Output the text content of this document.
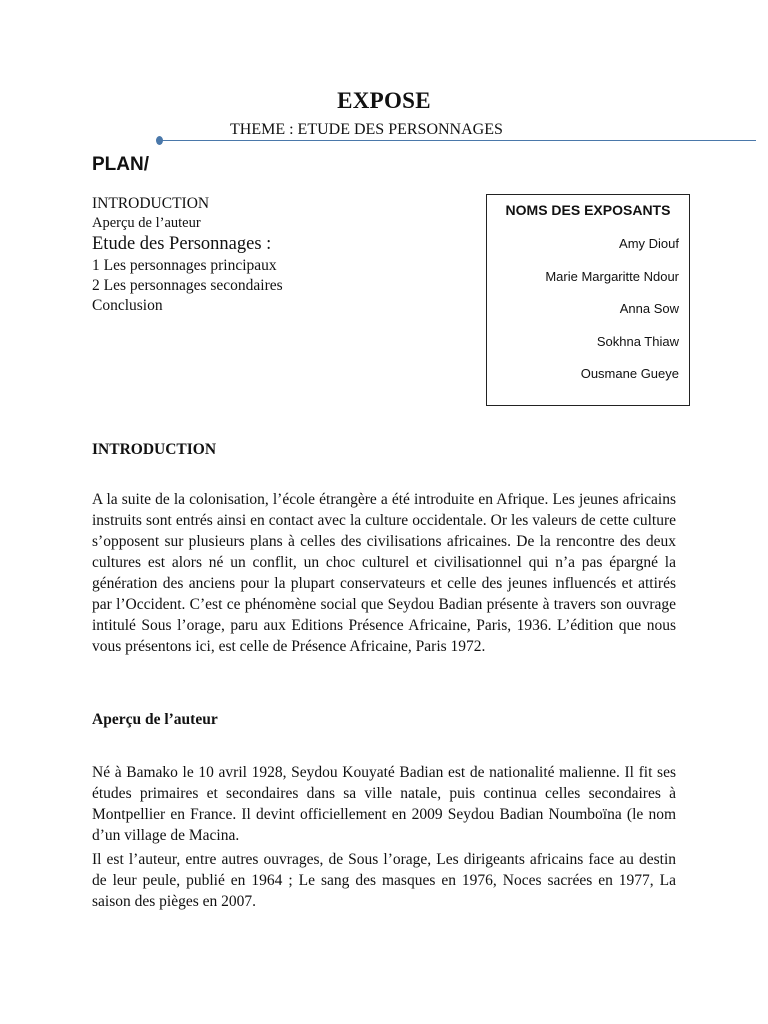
EXPOSE
THEME : ETUDE DES PERSONNAGES
PLAN/
INTRODUCTION
Aperçu de l’auteur
Etude des Personnages :
1 Les personnages principaux
2 Les personnages secondaires
Conclusion
NOMS DES EXPOSANTS
Amy Diouf
Marie Margaritte Ndour
Anna Sow
Sokhna Thiaw
Ousmane Gueye
INTRODUCTION
A la suite de la colonisation, l’école étrangère a été introduite en Afrique. Les jeunes africains instruits sont entrés ainsi en contact avec la culture occidentale. Or les valeurs de cette culture s’opposent sur plusieurs plans à celles des civilisations africaines. De la rencontre des deux cultures est alors né un conflit, un choc culturel et civilisationnel qui n’a pas épargné la génération des anciens pour la plupart conservateurs et celle des jeunes influencés et attirés par l’Occident. C’est ce phénomène social que Seydou Badian présente à travers son ouvrage intitulé Sous l’orage, paru aux Editions Présence Africaine, Paris, 1936. L’édition que nous vous présentons ici, est celle de Présence Africaine, Paris 1972.
Aperçu de l’auteur
Né à Bamako le 10 avril 1928, Seydou Kouyaté Badian est de nationalité malienne. Il fit ses études primaires et secondaires dans sa ville natale, puis continua celles secondaires à Montpellier en France. Il devint officiellement en 2009 Seydou Badian Noumboïna (le nom d’un village de Macina.
Il est l’auteur, entre autres ouvrages, de Sous l’orage, Les dirigeants africains face au destin de leur peule, publié en 1964 ; Le sang des masques en 1976, Noces sacrées en 1977, La saison des pièges en 2007.
